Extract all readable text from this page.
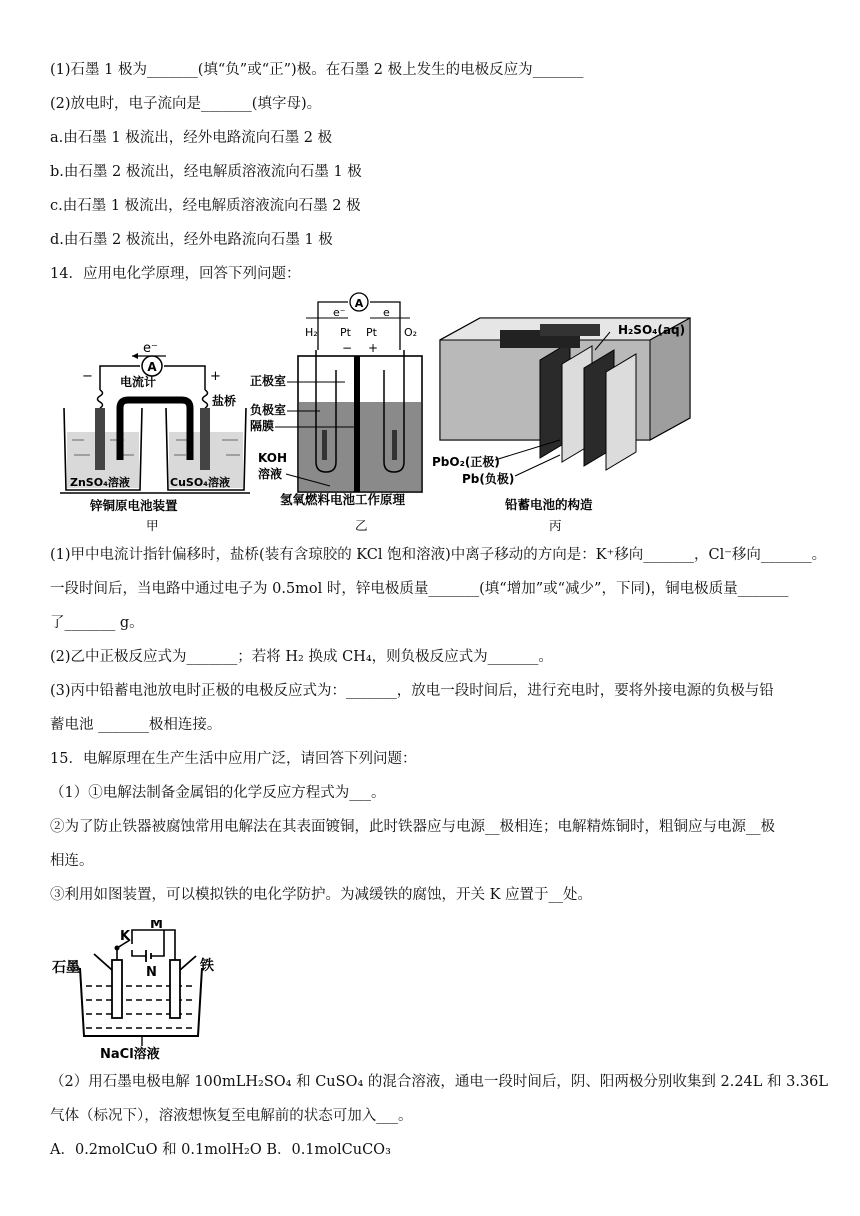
(1)石墨 1 极为_______(填“负”或“正”)极。在石墨 2 极上发生的电极反应为_______
(2)放电时，电子流向是_______(填字母)。
a.由石墨 1 极流出，经外电路流向石墨 2 极
b.由石墨 2 极流出，经电解质溶液流向石墨 1 极
c.由石墨 1 极流出，经电解质溶液流向石墨 2 极
d.由石墨 2 极流出，经外电路流向石墨 1 极
14．应用电化学原理，回答下列问题：
e⁻
A
电流计
−	+
盐桥
ZnSO₄溶液	CuSO₄溶液
锌铜原电池装置
甲
A
e⁻	e
H₂ Pt Pt O₂
− +
正极室
负极室
隔膜
KOH
溶液
氢氧燃料电池工作原理
乙
H₂SO₄(aq)
PbO₂(正极)
Pb(负极)
铅蓄电池的构造
丙
(1)甲中电流计指针偏移时，盐桥(装有含琼胶的 KCl 饱和溶液)中离子移动的方向是：K⁺移向_______，Cl⁻移向_______。
一段时间后，当电路中通过电子为 0.5mol 时，锌电极质量_______(填“增加”或“减少”，下同)，铜电极质量_______
了_______ g。
(2)乙中正极反应式为_______；若将 H₂ 换成 CH₄，则负极反应式为_______。
(3)丙中铅蓄电池放电时正极的电极反应式为：_______，放电一段时间后，进行充电时，要将外接电源的负极与铅
蓄电池 _______极相连接。
15．电解原理在生产生活中应用广泛，请回答下列问题：
（1）①电解法制备金属铝的化学反应方程式为___。
②为了防止铁器被腐蚀常用电解法在其表面镀铜，此时铁器应与电源__极相连；电解精炼铜时，粗铜应与电源__极
相连。
③利用如图装置，可以模拟铁的电化学防护。为减缓铁的腐蚀，开关 K 应置于__处。
石墨	铁
K
M
N
NaCl溶液
（2）用石墨电极电解 100mLH₂SO₄ 和 CuSO₄ 的混合溶液，通电一段时间后，阴、阳两极分别收集到 2.24L 和 3.36L
气体（标况下），溶液想恢复至电解前的状态可加入___。
A．0.2molCuO 和 0.1molH₂O B．0.1molCuCO₃
